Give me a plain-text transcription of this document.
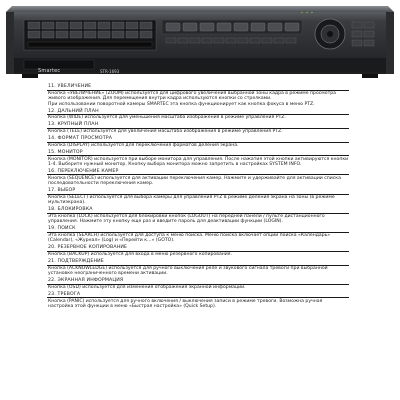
Smartec	STR-1693
11. УВЕЛИЧЕНИЕ

Кнопка «УВЕЛИЧЕНИЕ» (ZOOM) используется для цифрового увеличения выбранной зоны кадра в режиме просмотра живого изображения. Для перемещения внутри кадра используются кнопки со стрелками.

При использовании поворотной камеры SMARTEC эта кнопка функционирует как кнопка фокуса в меню PTZ.

12. ДАЛЬНИЙ ПЛАН

Кнопка (WIDE) используется для уменьшения масштаба изображения в режиме управления PTZ.

13. КРУПНЫЙ ПЛАН

Кнопка (TELE) используется для увеличения масштаба изображения в режиме управления PTZ.

14. ФОРМАТ ПРОСМОТРА

Кнопка (DISPLAY) используется для переключения форматов деления экрана.

15. МОНИТОР

Кнопка (MONITOR) используется при выборе монитора для управления. После нажатия этой кнопки активируются кнопки 1-4. Выберите нужный монитор. Кнопку выбора монитора можно запретить в настройках SYSTEM INFO.

16. ПЕРЕКЛЮЧЕНИЕ КАМЕР

Кнопка (SEQUENCE) используется для активации переключения камер. Нажмите и удерживайте для активации списка последовательности переключения камер.

17. ВЫБОР

Кнопка (SELECT) используется для выбора камеры для управления PTZ в режиме деления экрана на зоны (в режиме мультиэкрана).

18. БЛОКИРОВКА

Эта кнопка (LOCK) используется для блокировки кнопок (LOGOUT) на передней панели / пульте дистанционного управления. Нажмите эту кнопку еще раз и введите пароль для деактивации функции (LOGIN).

19. ПОИСК

Эта кнопка (SEARCH) используется для доступа к меню поиска. Меню поиска включает опции поиска «Календарь» (Calendar), «Журнал» (Log) и «Перейти к…» (GOTO).

20. РЕЗЕРВНОЕ КОПИРОВАНИЕ

Кнопка (BACKUP) используется для входа в меню резервного копирования.

21. ПОДТВЕРЖДЕНИЕ

Кнопка (ACKNOWLEDGE) используется для ручного выключения реле и звукового сигнала тревоги при выбранной установке неограниченного времени активации.

22. ЭКРАННАЯ ИНФОРМАЦИЯ

Кнопка (OSD) используется для изменения отображения экранной информации.

23. ТРЕВОГА

Кнопка (PANIC) используется для ручного включения / выключения записи в режиме тревоги. Возможна ручная настройка этой функции в меню «Быстрая настройка» (Quick Setup).
